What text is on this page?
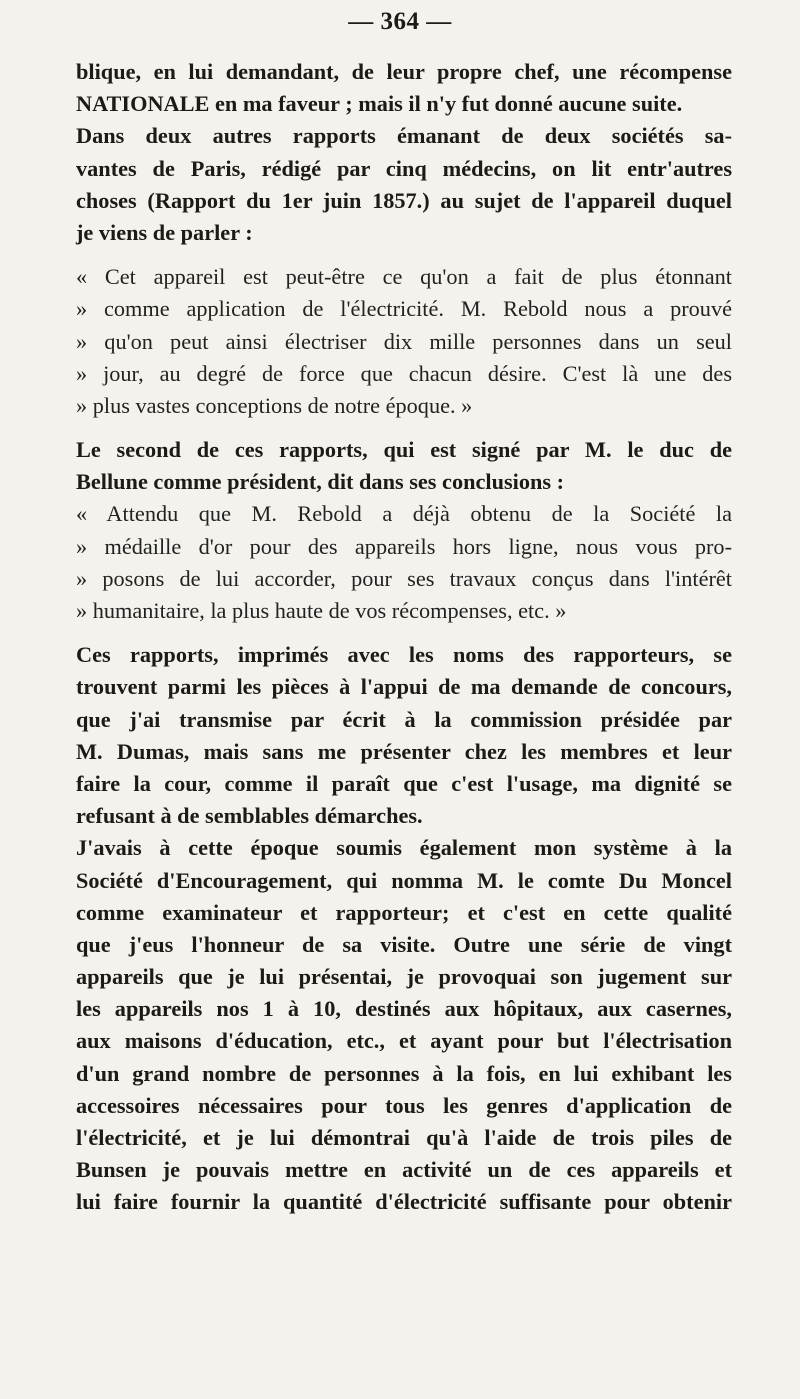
— 364 —
blique, en lui demandant, de leur propre chef, une récompense
NATIONALE en ma faveur ; mais il n'y fut donné aucune suite.
Dans deux autres rapports émanant de deux sociétés sa-
vantes de Paris, rédigé par cinq médecins, on lit entr'autres
choses (Rapport du 1er juin 1857.) au sujet de l'appareil duquel
je viens de parler :
« Cet appareil est peut-être ce qu'on a fait de plus étonnant
» comme application de l'électricité. M. Rebold nous a prouvé
» qu'on peut ainsi électriser dix mille personnes dans un seul
» jour, au degré de force que chacun désire. C'est là une des
» plus vastes conceptions de notre époque. »
Le second de ces rapports, qui est signé par M. le duc de
Bellune comme président, dit dans ses conclusions :
« Attendu que M. Rebold a déjà obtenu de la Société la
» médaille d'or pour des appareils hors ligne, nous vous pro-
» posons de lui accorder, pour ses travaux conçus dans l'intérêt
» humanitaire, la plus haute de vos récompenses, etc. »
Ces rapports, imprimés avec les noms des rapporteurs, se
trouvent parmi les pièces à l'appui de ma demande de concours,
que j'ai transmise par écrit à la commission présidée par
M. Dumas, mais sans me présenter chez les membres et leur
faire la cour, comme il paraît que c'est l'usage, ma dignité se
refusant à de semblables démarches.
J'avais à cette époque soumis également mon système à la
Société d'Encouragement, qui nomma M. le comte Du Moncel
comme examinateur et rapporteur; et c'est en cette qualité
que j'eus l'honneur de sa visite. Outre une série de vingt
appareils que je lui présentai, je provoquai son jugement sur
les appareils nos 1 à 10, destinés aux hôpitaux, aux casernes,
aux maisons d'éducation, etc., et ayant pour but l'électrisation
d'un grand nombre de personnes à la fois, en lui exhibant les
accessoires nécessaires pour tous les genres d'application de
l'électricité, et je lui démontrai qu'à l'aide de trois piles de
Bunsen je pouvais mettre en activité un de ces appareils et
lui faire fournir la quantité d'électricité suffisante pour obtenir
